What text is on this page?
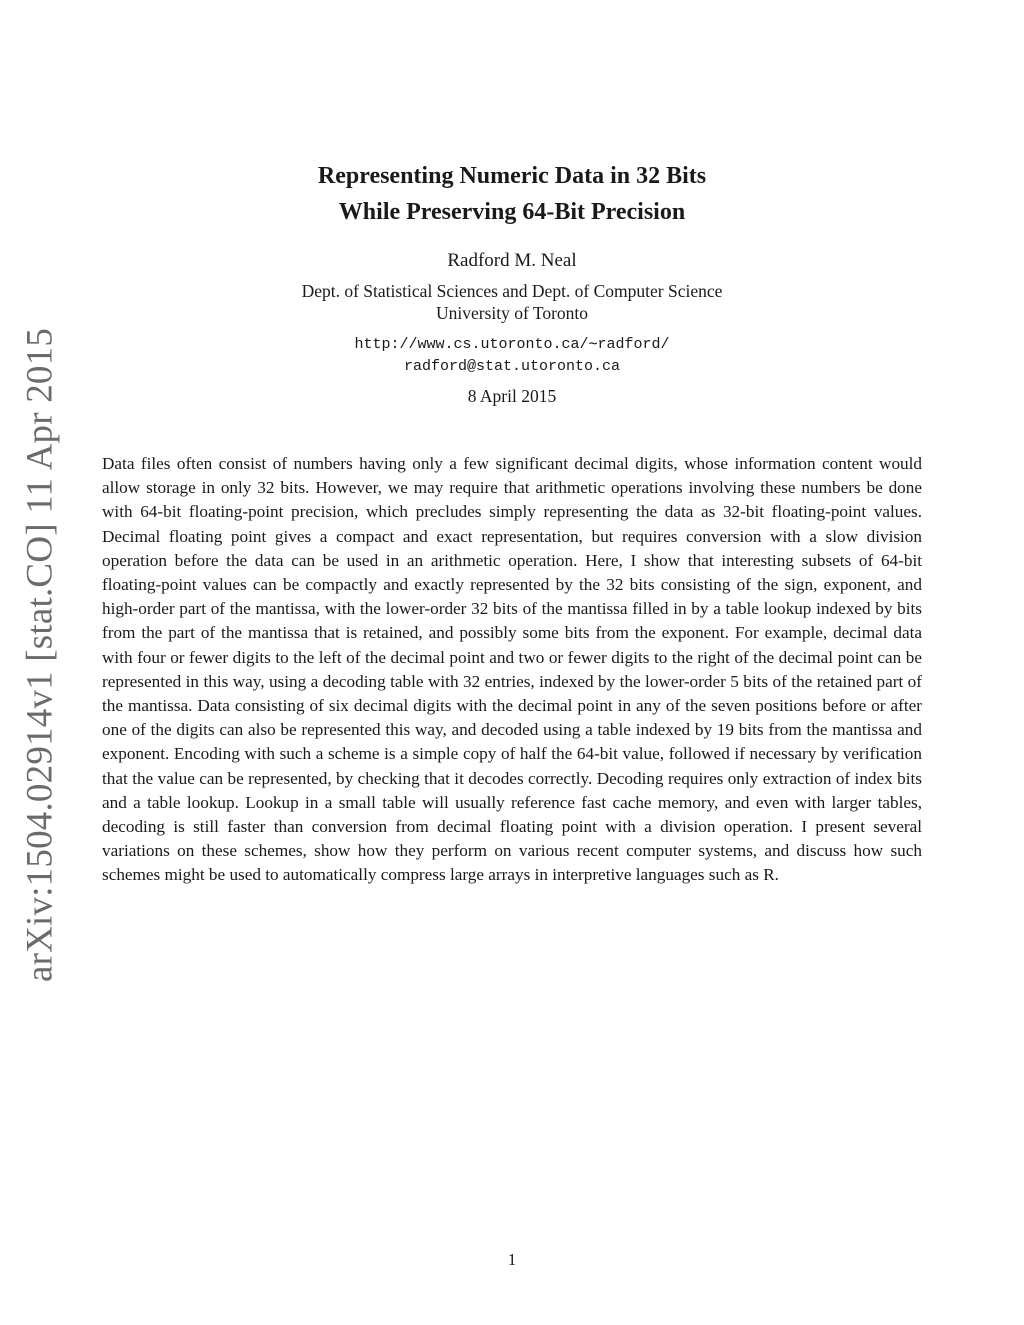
arXiv:1504.02914v1 [stat.CO] 11 Apr 2015

Representing Numeric Data in 32 Bits

While Preserving 64-Bit Precision

Radford M. Neal
Dept. of Statistical Sciences and Dept. of Computer Science
University of Toronto
http://www.cs.utoronto.ca/∼radford/
radford@stat.utoronto.ca
8 April 2015
Data files often consist of numbers having only a few significant decimal digits, whose information content would allow storage in only 32 bits. However, we may require that arithmetic operations involving these numbers be done with 64-bit floating-point precision, which precludes simply representing the data as 32-bit floating-point values. Decimal floating point gives a compact and exact representation, but requires conversion with a slow division operation before the data can be used in an arithmetic operation. Here, I show that interesting subsets of 64-bit floating-point values can be compactly and exactly represented by the 32 bits consisting of the sign, exponent, and high-order part of the mantissa, with the lower-order 32 bits of the mantissa filled in by a table lookup indexed by bits from the part of the mantissa that is retained, and possibly some bits from the exponent. For example, decimal data with four or fewer digits to the left of the decimal point and two or fewer digits to the right of the decimal point can be represented in this way, using a decoding table with 32 entries, indexed by the lower-order 5 bits of the retained part of the mantissa. Data consisting of six decimal digits with the decimal point in any of the seven positions before or after one of the digits can also be represented this way, and decoded using a table indexed by 19 bits from the mantissa and exponent. Encoding with such a scheme is a simple copy of half the 64-bit value, followed if necessary by verification that the value can be represented, by checking that it decodes correctly. Decoding requires only extraction of index bits and a table lookup. Lookup in a small table will usually reference fast cache memory, and even with larger tables, decoding is still faster than conversion from decimal floating point with a division operation. I present several variations on these schemes, show how they perform on various recent computer systems, and discuss how such schemes might be used to automatically compress large arrays in interpretive languages such as R.
1
